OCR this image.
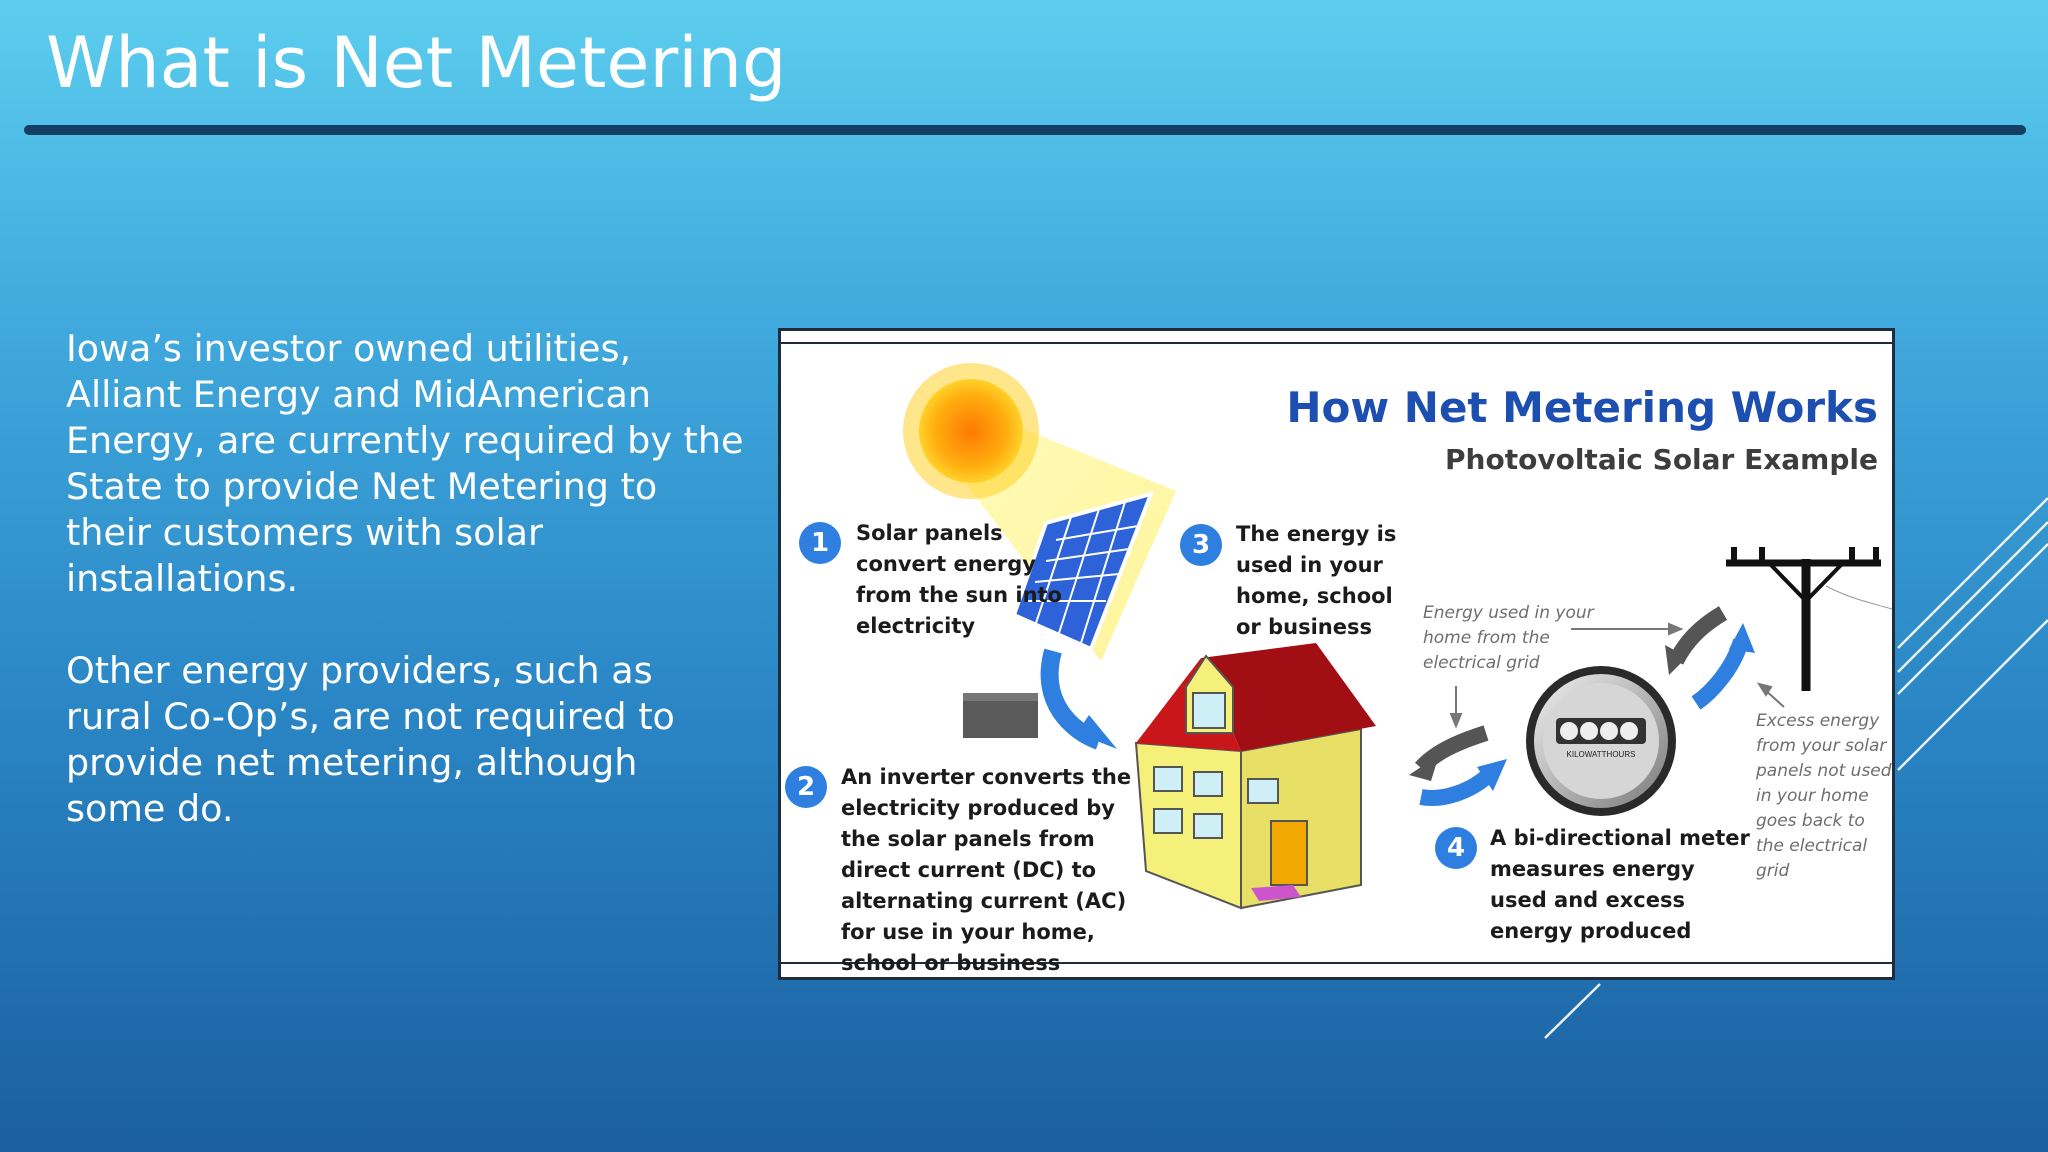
What is Net Metering

Iowa’s investor owned utilities, Alliant Energy and MidAmerican Energy, are currently required by the State to provide Net Metering to their customers with solar installations.

Other energy providers, such as rural Co-Op’s, are not required to provide net metering, although some do.

KILOWATTHOURS
How Net Metering Works
Photovoltaic Solar Example
1	Solar panels convert energy from the sun into electricity
2	An inverter converts the electricity produced by the solar panels from direct current (DC) to alternating current (AC) for use in your home, school or business
3	The energy is used in your home, school or business
4	A bi-directional meter measures energy used and excess energy produced
Energy used in your home from the electrical grid
Excess energy from your solar panels not used in your home goes back to the electrical grid
